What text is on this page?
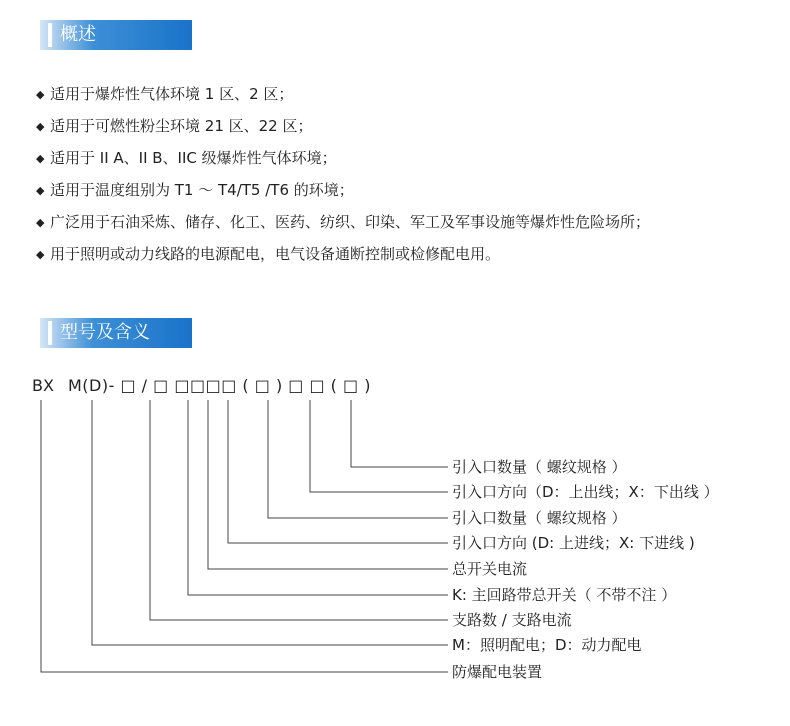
概述
◆ 适用于爆炸性气体环境 1 区、2 区；
◆ 适用于可燃性粉尘环境 21 区、22 区；
◆ 适用于 II A、II B、IIC 级爆炸性气体环境；
◆ 适用于温度组别为 T1 ～ T4/T5 /T6 的环境；
◆ 广泛用于石油采炼、储存、化工、医药、纺织、印染、军工及军事设施等爆炸性危险场所；
◆ 用于照明或动力线路的电源配电，电气设备通断控制或检修配电用。
型号及含义

BX

M(D)- □ / □ □□□□ ( □ ) □ □ ( □ )

引入口数量（ 螺纹规格 ）
引入口方向（D：上出线；X：下出线 ）
引入口数量（ 螺纹规格 ）
引入口方向 (D: 上进线；X: 下进线 )
总开关电流
K: 主回路带总开关（ 不带不注 ）
支路数 / 支路电流
M：照明配电；D：动力配电
防爆配电装置
